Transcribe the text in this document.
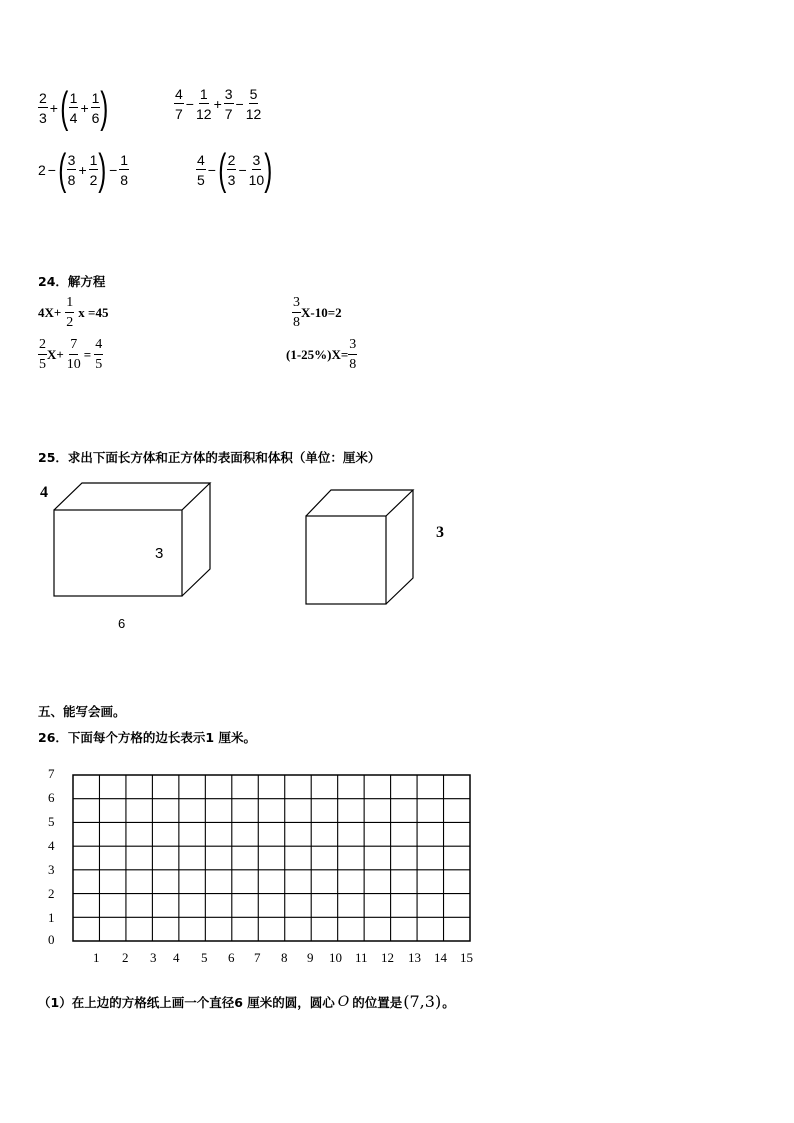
$\frac{2}{3}$ + ( $\frac{1}{4} + \frac{1}{6}$ )	$\frac{4}{7} - \frac{1}{12} + \frac{3}{7} - \frac{5}{12}$
2 − ( $\frac{3}{8} + \frac{1}{2}$ ) − $\frac{1}{8}$	$\frac{4}{5}$ − ( $\frac{2}{3} - \frac{3}{10}$ )
24．解方程
$4X+ \frac{1}{2}$ x =45	$\frac{3}{8} X-10=2$
$\frac{2}{5} X+ \frac{7}{10} = \frac{4}{5}$	$(1-25\%)X= \frac{3}{8}$
25．求出下面长方体和正方体的表面积和体积（单位：厘米）
4
3
6
3
五、能写会画。
26．下面每个方格的边长表示1 厘米。
7
6
5
4
3
2
1
0
1 2 3 4 5 6 7 8 9 10 11 12 13 14 15
（1）在上边的方格纸上画一个直径6 厘米的圆，圆心 O 的位置是 (7,3) 。
